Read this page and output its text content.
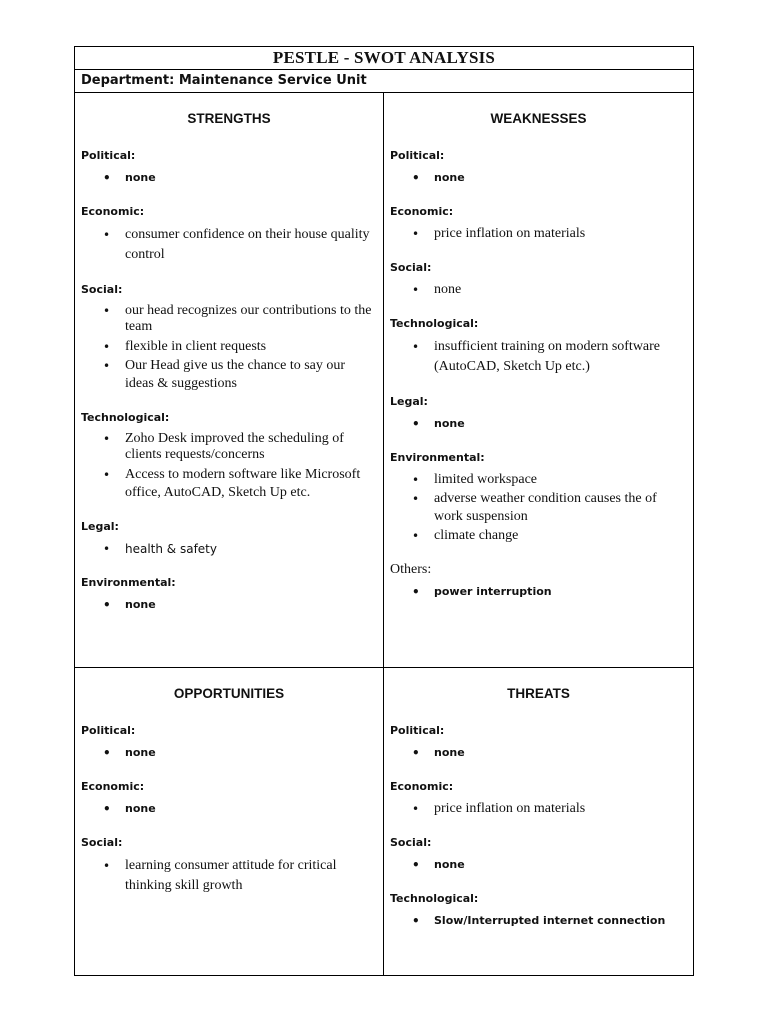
PESTLE - SWOT ANALYSIS
Department: Maintenance Service Unit
STRENGTHS
Political:
• none
Economic:
• consumer confidence on their house quality control
Social:
• our head recognizes our contributions to the team
• flexible in client requests
• Our Head give us the chance to say our ideas & suggestions
Technological:
• Zoho Desk improved the scheduling of clients requests/concerns
• Access to modern software like Microsoft office, AutoCAD, Sketch Up etc.
Legal:
• health & safety
Environmental:
• none
WEAKNESSES
Political:
• none
Economic:
• price inflation on materials
Social:
• none
Technological:
• insufficient training on modern software (AutoCAD, Sketch Up etc.)
Legal:
• none
Environmental:
• limited workspace
• adverse weather condition causes the of work suspension
• climate change
Others:
• power interruption
OPPORTUNITIES
Political:
• none
Economic:
• none
Social:
• learning consumer attitude for critical thinking skill growth
THREATS
Political:
• none
Economic:
• price inflation on materials
Social:
• none
Technological:
• Slow/Interrupted internet connection
